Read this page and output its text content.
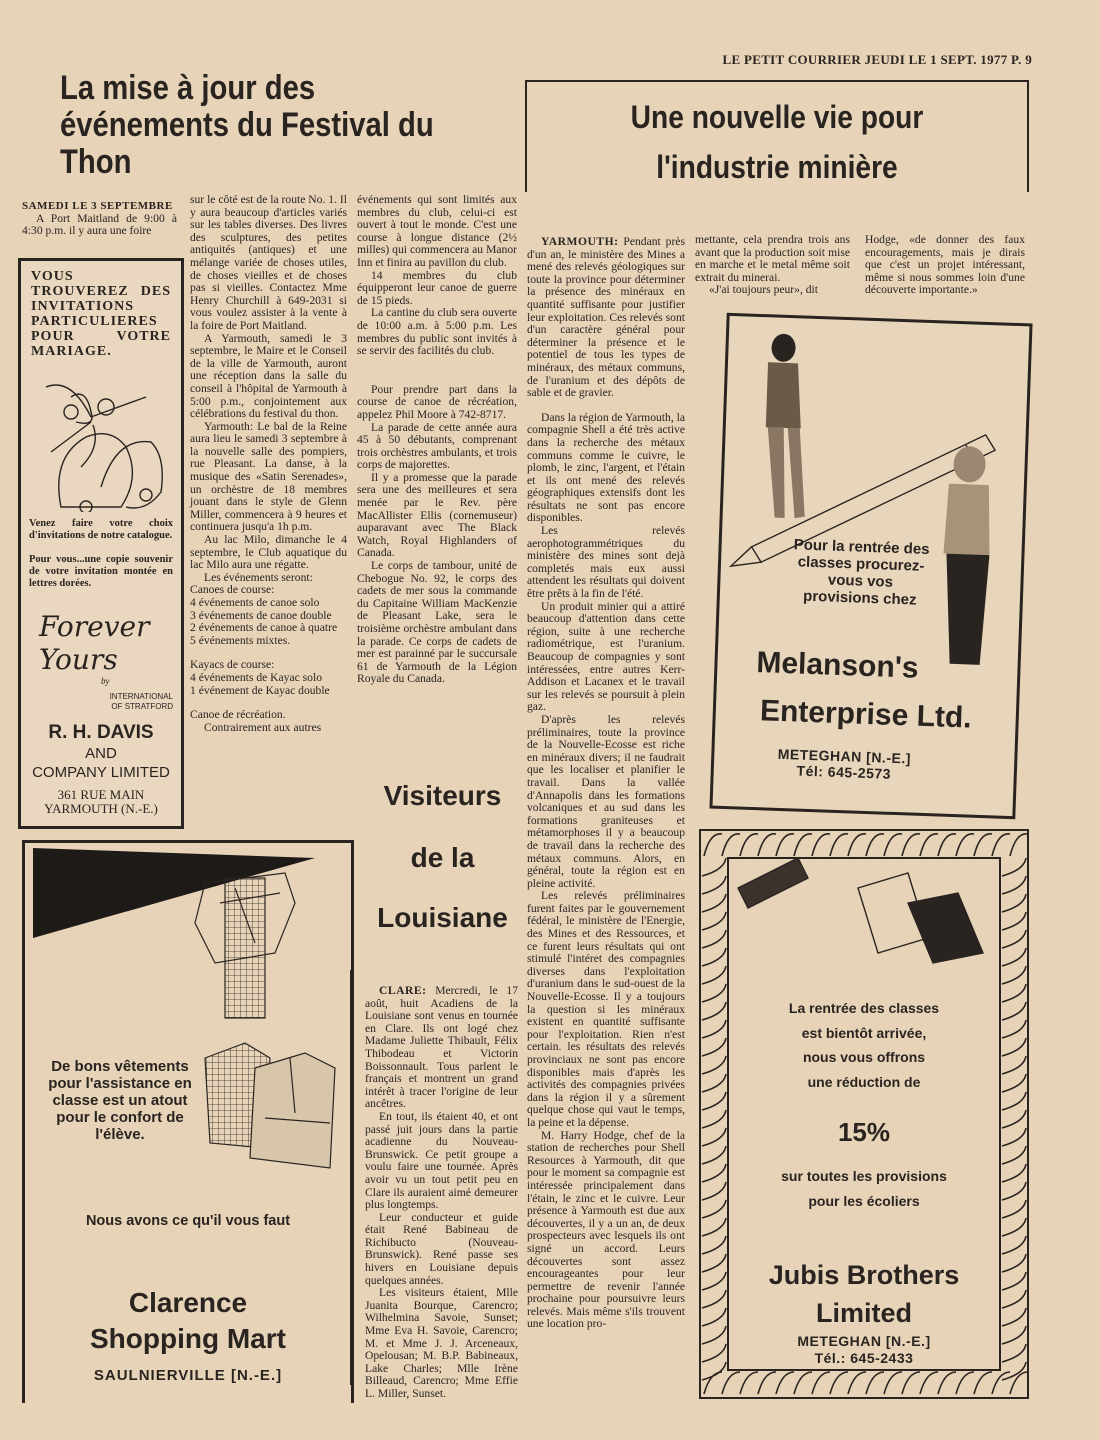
LE PETIT COURRIER JEUDI LE 1 SEPT. 1977 P. 9
La mise à jour des événements du Festival du Thon
Une nouvelle vie pour
l'industrie minière

SAMEDI LE 3 SEPTEMBRE

A Port Maitland de 9:00 à 4:30 p.m. il y aura une foire

VOUS TROUVEREZ DES INVITATIONS PARTICULIERES POUR VOTRE MARIAGE.

Venez faire votre choix d'invitations de notre catalogue.

Pour vous...une copie souvenir de votre invitation montée en lettres dorées.

Forever Yours
by
INTERNATIONAL
OF STRATFORD
R. H. DAVIS
AND
COMPANY LIMITED
361 RUE MAIN
YARMOUTH (N.-E.)

sur le côté est de la route No. 1. Il y aura beaucoup d'articles variés sur les tables diverses. Des livres des sculptures, des petites antiquités (antiques) et une mélange variée de choses utiles, de choses vieilles et de choses pas si vieilles. Contactez Mme Henry Churchill à 649-2031 si vous voulez assister à la vente à la foire de Port Maitland.

A Yarmouth, samedi le 3 septembre, le Maire et le Conseil de la ville de Yarmouth, auront une réception dans la salle du conseil à l'hôpital de Yarmouth à 5:00 p.m., conjointement aux célébrations du festival du thon.

Yarmouth: Le bal de la Reine aura lieu le samedi 3 septembre à la nouvelle salle des pompiers, rue Pleasant. La danse, à la musique des «Satin Serenades», un orchèstre de 18 membres jouant dans le style de Glenn Miller, commencera à 9 heures et continuera jusqu'a 1h p.m.

Au lac Milo, dimanche le 4 septembre, le Club aquatique du lac Milo aura une régatte.

Les événements seront:

Canoes de course:

4 événements de canoe solo

3 événements de canoe double

2 événements de canoe à quatre

5 événements mixtes.

Kayacs de course:

4 événements de Kayac solo

1 événement de Kayac double

Canoe de récréation.

Contrairement aux autres

événements qui sont limités aux membres du club, celui-ci est ouvert à tout le monde. C'est une course à longue distance (2½ milles) qui commencera au Manor Inn et finira au pavillon du club.

14 membres du club équipperont leur canoe de guerre de 15 pieds.

La cantine du club sera ouverte de 10:00 a.m. à 5:00 p.m. Les membres du public sont invités à se servir des facilités du club.

Pour prendre part dans la course de canoe de récréation, appelez Phil Moore à 742-8717.

La parade de cette année aura 45 à 50 débutants, comprenant trois orchèstres ambulants, et trois corps de majorettes.

Il y a promesse que la parade sera une des meilleures et sera menée par le Rev. père MacAllister Ellis (cornemuseur) auparavant avec The Black Watch, Royal Highlanders of Canada.

Le corps de tambour, unité de Chebogue No. 92, le corps des cadets de mer sous la commande du Capitaine William MacKenzie de Pleasant Lake, sera le troisième orchèstre ambulant dans la parade. Ce corps de cadets de mer est parainné par le succursale 61 de Yarmouth de la Légion Royale du Canada.

De bons vêtements pour l'assistance en classe est un atout pour le confort de l'élève.
Nous avons ce qu'il vous faut
Clarence
Shopping Mart
SAULNIERVILLE [N.-E.]
Visiteurs
de la
Louisiane

CLARE: Mercredi, le 17 août, huit Acadiens de la Louisiane sont venus en tournée en Clare. Ils ont logé chez Madame Juliette Thibault, Félix Thibodeau et Victorin Boissonnault. Tous parlent le français et montrent un grand intérêt à tracer l'origine de leur ancêtres.

En tout, ils étaient 40, et ont passé juit jours dans la partie acadienne du Nouveau-Brunswick. Ce petit groupe a voulu faire une tournée. Après avoir vu un tout petit peu en Clare ils auraient aimé demeurer plus longtemps.

Leur conducteur et guide était René Babineau de Richibucto (Nouveau-Brunswick). René passe ses hivers en Louisiane depuis quelques années.

Les visiteurs étaient, Mlle Juanita Bourque, Carencro; Wilhelmina Savoie, Sunset; Mme Eva H. Savoie, Carencro; M. et Mme J. J. Arceneaux, Opelousan; M. B.P. Babineaux, Lake Charles; Mlle Irène Billeaud, Carencro; Mme Effie L. Miller, Sunset.

YARMOUTH: Pendant près d'un an, le ministère des Mines a mené des relevés géologiques sur toute la province pour déterminer la présence des minéraux en quantité suffisante pour justifier leur exploitation. Ces relevés sont d'un caractère général pour déterminer la présence et le potentiel de tous les types de minéraux, des métaux communs, de l'uranium et des dépôts de sable et de gravier.

Dans la région de Yarmouth, la compagnie Shell a été très active dans la recherche des métaux communs comme le cuivre, le plomb, le zinc, l'argent, et l'étain et ils ont mené des relevés géographiques extensifs dont les résultats ne sont pas encore disponibles.

Les relevés aerophotogrammétriques du ministère des mines sont dejà completés mais eux aussi attendent les résultats qui doivent être prêts à la fin de l'été.

Un produit minier qui a attiré beaucoup d'attention dans cette région, suite à une recherche radiométrique, est l'uranium. Beaucoup de compagnies y sont intéressées, entre autres Kerr-Addison et Lacanex et le travail sur les relevés se poursuit à plein gaz.

D'après les relevés préliminaires, toute la province de la Nouvelle-Ecosse est riche en minéraux divers; il ne faudrait que les localiser et planifier le travail. Dans la vallée d'Annapolis dans les formations volcaniques et au sud dans les formations graniteuses et métamorphoses il y a beaucoup de travail dans la recherche des métaux communs. Alors, en général, toute la région est en pleine activité.

Les relevés préliminaires furent faites par le gouvernement fédéral, le ministère de l'Energie, des Mines et des Ressources, et ce furent leurs résultats qui ont stimulé l'intéret des compagnies diverses dans l'exploitation d'uranium dans le sud-ouest de la Nouvelle-Ecosse. Il y a toujours la question si les minéraux existent en quantité suffisante pour l'exploitation. Rien n'est certain. les résultats des relevés provinciaux ne sont pas encore disponibles mais d'après les activités des compagnies privées dans la région il y a sûrement quelque chose qui vaut le temps, la peine et la dépense.

M. Harry Hodge, chef de la station de recherches pour Shell Resources à Yarmouth, dit que pour le moment sa compagnie est intéressée principalement dans l'étain, le zinc et le cuivre. Leur présence à Yarmouth est due aux découvertes, il y a un an, de deux prospecteurs avec lesquels ils ont signé un accord. Leurs découvertes sont assez encourageantes pour leur permettre de revenir l'année prochaine pour poursuivre leurs relevés. Mais même s'ils trouvent une location pro-

mettante, cela prendra trois ans avant que la production soit mise en marche et le metal même soit extrait du minerai.

«J'ai toujours peur», dit

Hodge, «de donner des faux encouragements, mais je dirais que c'est un projet intéressant, même si nous sommes loin d'une découverte importante.»

Pour la rentrée des classes procurez-vous vos provisions chez
Melanson's
Enterprise Ltd.
METEGHAN [N.-E.]
Tél: 645-2573
La rentrée des classes
est bientôt arrivée,
nous vous offrons
une réduction de
15%
sur toutes les provisions
pour les écoliers
Jubis Brothers
Limited
METEGHAN [N.-E.]
Tél.: 645-2433
